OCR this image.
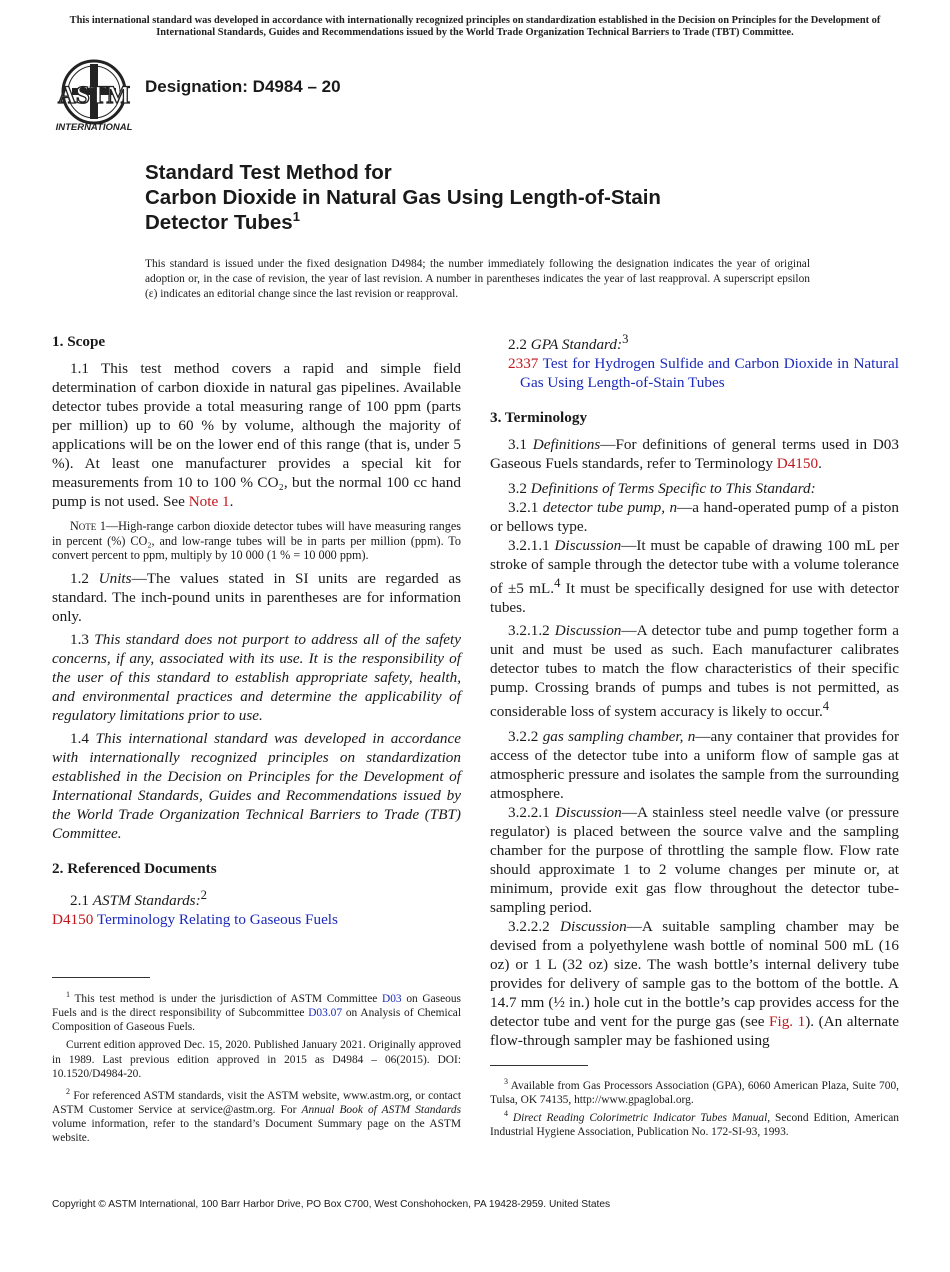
This international standard was developed in accordance with internationally recognized principles on standardization established in the Decision on Principles for the Development of International Standards, Guides and Recommendations issued by the World Trade Organization Technical Barriers to Trade (TBT) Committee.
ASTM
INTERNATIONAL
Designation: D4984 – 20
Standard Test Method for
Carbon Dioxide in Natural Gas Using Length-of-Stain
Detector Tubes$^1$
This standard is issued under the fixed designation D4984; the number immediately following the designation indicates the year of original adoption or, in the case of revision, the year of last revision. A number in parentheses indicates the year of last reapproval. A superscript epsilon (ε) indicates an editorial change since the last revision or reapproval.

1. Scope

1.1 This test method covers a rapid and simple field determination of carbon dioxide in natural gas pipelines. Available detector tubes provide a total measuring range of 100 ppm (parts per million) up to 60 % by volume, although the majority of applications will be on the lower end of this range (that is, under 5 %). At least one manufacturer provides a special kit for measurements from 10 to 100 % CO₂, but the normal 100 cc hand pump is not used. See Note 1.

Note 1—High-range carbon dioxide detector tubes will have measuring ranges in percent (%) CO₂, and low-range tubes will be in parts per million (ppm). To convert percent to ppm, multiply by 10 000 (1 % = 10 000 ppm).

1.2 Units—The values stated in SI units are regarded as standard. The inch-pound units in parentheses are for information only.

1.3 This standard does not purport to address all of the safety concerns, if any, associated with its use. It is the responsibility of the user of this standard to establish appropriate safety, health, and environmental practices and determine the applicability of regulatory limitations prior to use.

1.4 This international standard was developed in accordance with internationally recognized principles on standardization established in the Decision on Principles for the Development of International Standards, Guides and Recommendations issued by the World Trade Organization Technical Barriers to Trade (TBT) Committee.

2. Referenced Documents

2.1 ASTM Standards:$^2$

D4150 Terminology Relating to Gaseous Fuels

2.2 GPA Standard:$^3$

2337 Test for Hydrogen Sulfide and Carbon Dioxide in Natural Gas Using Length-of-Stain Tubes

3. Terminology

3.1 Definitions—For definitions of general terms used in D03 Gaseous Fuels standards, refer to Terminology D4150.

3.2 Definitions of Terms Specific to This Standard:

3.2.1 detector tube pump, n—a hand-operated pump of a piston or bellows type.

3.2.1.1 Discussion—It must be capable of drawing 100 mL per stroke of sample through the detector tube with a volume tolerance of ±5 mL.$^4$ It must be specifically designed for use with detector tubes.

3.2.1.2 Discussion—A detector tube and pump together form a unit and must be used as such. Each manufacturer calibrates detector tubes to match the flow characteristics of their specific pump. Crossing brands of pumps and tubes is not permitted, as considerable loss of system accuracy is likely to occur.$^4$

3.2.2 gas sampling chamber, n—any container that provides for access of the detector tube into a uniform flow of sample gas at atmospheric pressure and isolates the sample from the surrounding atmosphere.

3.2.2.1 Discussion—A stainless steel needle valve (or pressure regulator) is placed between the source valve and the sampling chamber for the purpose of throttling the sample flow. Flow rate should approximate 1 to 2 volume changes per minute or, at minimum, provide exit gas flow throughout the detector tube-sampling period.

3.2.2.2 Discussion—A suitable sampling chamber may be devised from a polyethylene wash bottle of nominal 500 mL (16 oz) or 1 L (32 oz) size. The wash bottle’s internal delivery tube provides for delivery of sample gas to the bottom of the bottle. A 14.7 mm (½ in.) hole cut in the bottle’s cap provides access for the detector tube and vent for the purge gas (see Fig. 1). (An alternate flow-through sampler may be fashioned using

$^1$ This test method is under the jurisdiction of ASTM Committee D03 on Gaseous Fuels and is the direct responsibility of Subcommittee D03.07 on Analysis of Chemical Composition of Gaseous Fuels.

Current edition approved Dec. 15, 2020. Published January 2021. Originally approved in 1989. Last previous edition approved in 2015 as D4984 – 06(2015). DOI: 10.1520/D4984-20.

$^2$ For referenced ASTM standards, visit the ASTM website, www.astm.org, or contact ASTM Customer Service at service@astm.org. For Annual Book of ASTM Standards volume information, refer to the standard’s Document Summary page on the ASTM website.

$^3$ Available from Gas Processors Association (GPA), 6060 American Plaza, Suite 700, Tulsa, OK 74135, http://www.gpaglobal.org.

$^4$ Direct Reading Colorimetric Indicator Tubes Manual, Second Edition, American Industrial Hygiene Association, Publication No. 172-SI-93, 1993.

Copyright © ASTM International, 100 Barr Harbor Drive, PO Box C700, West Conshohocken, PA 19428-2959. United States
